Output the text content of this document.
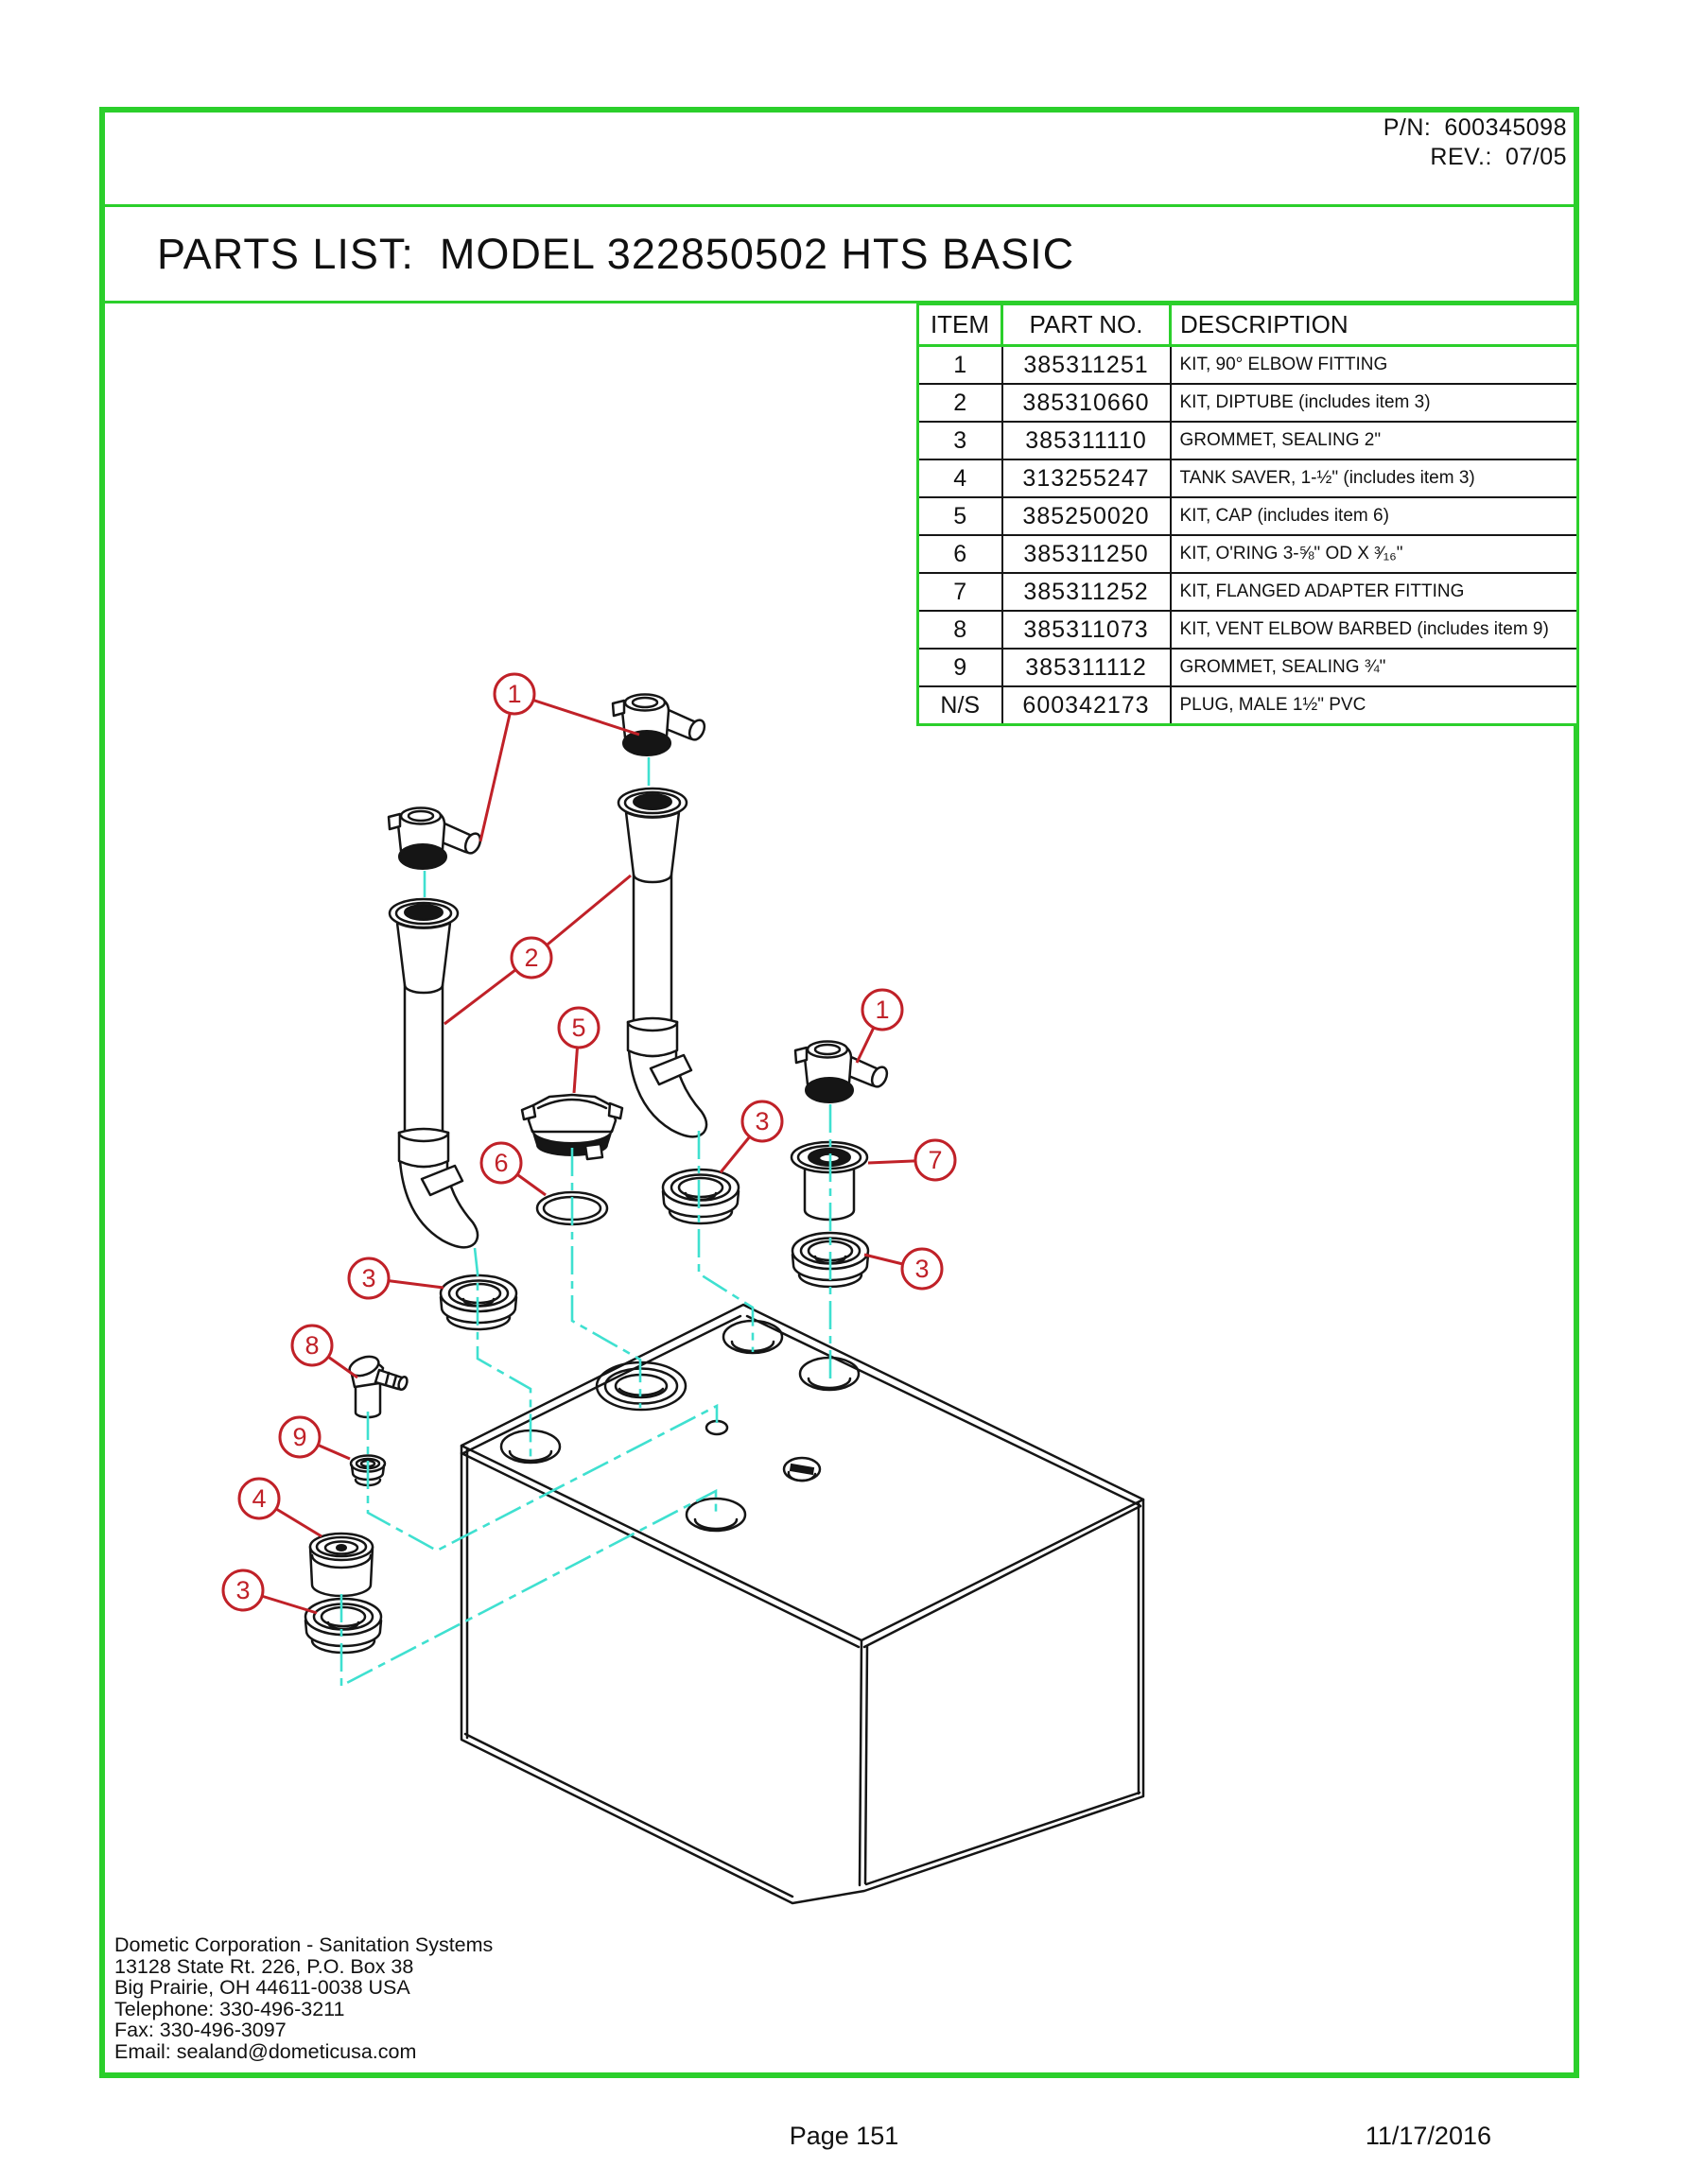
1
2
5
6
3
1
3
7
3
8
9
4
3
P/N: 600345098
REV.: 07/05
PARTS LIST:  MODEL 322850502 HTS BASIC
ITEM	PART NO.	DESCRIPTION
1	385311251	KIT, 90° ELBOW FITTING
2	385310660	KIT, DIPTUBE (includes item 3)
3	385311110	GROMMET, SEALING 2"
4	313255247	TANK SAVER, 1-½" (includes item 3)
5	385250020	KIT, CAP (includes item 6)
6	385311250	KIT, O'RING 3-⅝" OD X ³⁄₁₆"
7	385311252	KIT, FLANGED ADAPTER FITTING
8	385311073	KIT, VENT ELBOW BARBED (includes item 9)
9	385311112	GROMMET, SEALING ¾"
N/S	600342173	PLUG, MALE 1½" PVC
Dometic Corporation - Sanitation Systems
13128 State Rt. 226, P.O. Box 38
Big Prairie, OH 44611-0038 USA
Telephone: 330-496-3211
Fax: 330-496-3097
Email: sealand@dometicusa.com
Page 151	11/17/2016
